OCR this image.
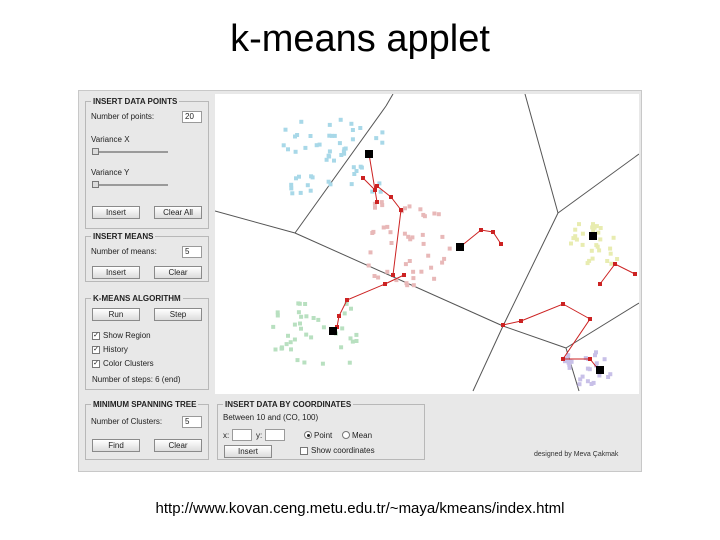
k-means applet
INSERT DATA POINTS
Number of points:	20
Variance X
Variance Y
Insert	Clear All
INSERT MEANS
Number of means:	5
Insert	Clear
K-MEANS ALGORITHM
Run	Step
✓ Show Region
✓ History
✓ Color Clusters
Number of steps: 6 (end)
MINIMUM SPANNING TREE
Number of Clusters:	5
Find	Clear
INSERT DATA BY COORDINATES
Between 10 and (CO, 100)
x:	y:	Point Mean
Insert	Show coordinates	designed by Meva Çakmak
http://www.kovan.ceng.metu.edu.tr/~maya/kmeans/index.html
